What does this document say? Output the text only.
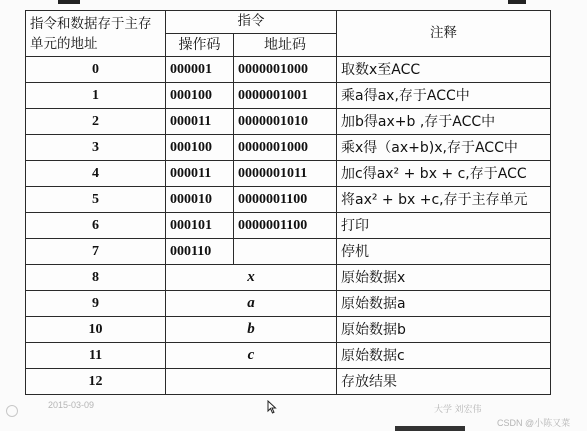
指令和数据存于主存单元的地址	指令		注释
	操作码	地址码	
0	000001	0000001000	取数x至ACC
1	000100	0000001001	乘a得ax,存于ACC中
2	000011	0000001010	加b得ax+b ,存于ACC中
3	000100	0000001000	乘x得（ax+b)x,存于ACC中
4	000011	0000001011	加c得ax² + bx + c,存于ACC
5	000010	0000001100	将ax² + bx +c,存于主存单元
6	000101	0000001100	打印
7	000110		停机
8	x		原始数据x
9	a		原始数据a
10	b		原始数据b
11	c		原始数据c
12			存放结果
2015-03-09	大学 刘宏伟
CSDN @小陈又菜
